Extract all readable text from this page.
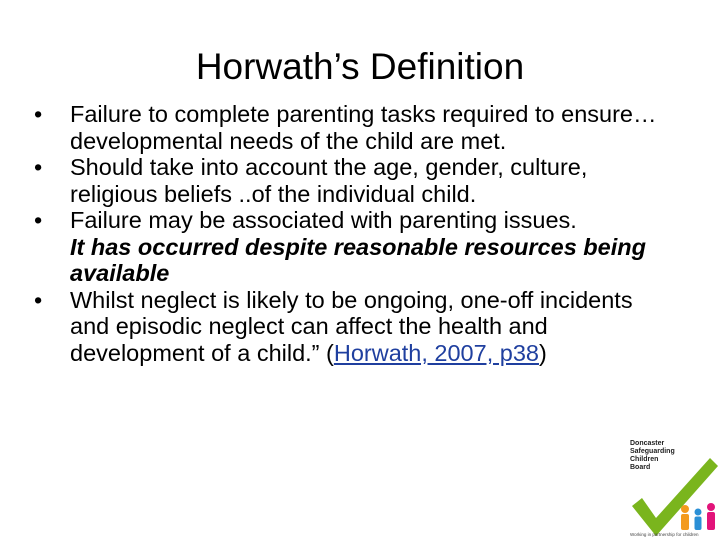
Horwath’s Definition
• Failure to complete parenting tasks required to ensure… developmental needs of the child are met.
• Should take into account the age, gender, culture, religious beliefs ..of the individual child.
• Failure may be associated with parenting issues.
It has occurred despite reasonable resources being available
• Whilst neglect is likely to be ongoing, one-off incidents and episodic neglect can affect the health and development of a child.” (Horwath, 2007, p38)
Doncaster
Safeguarding
Children
Board
Working in partnership for children
